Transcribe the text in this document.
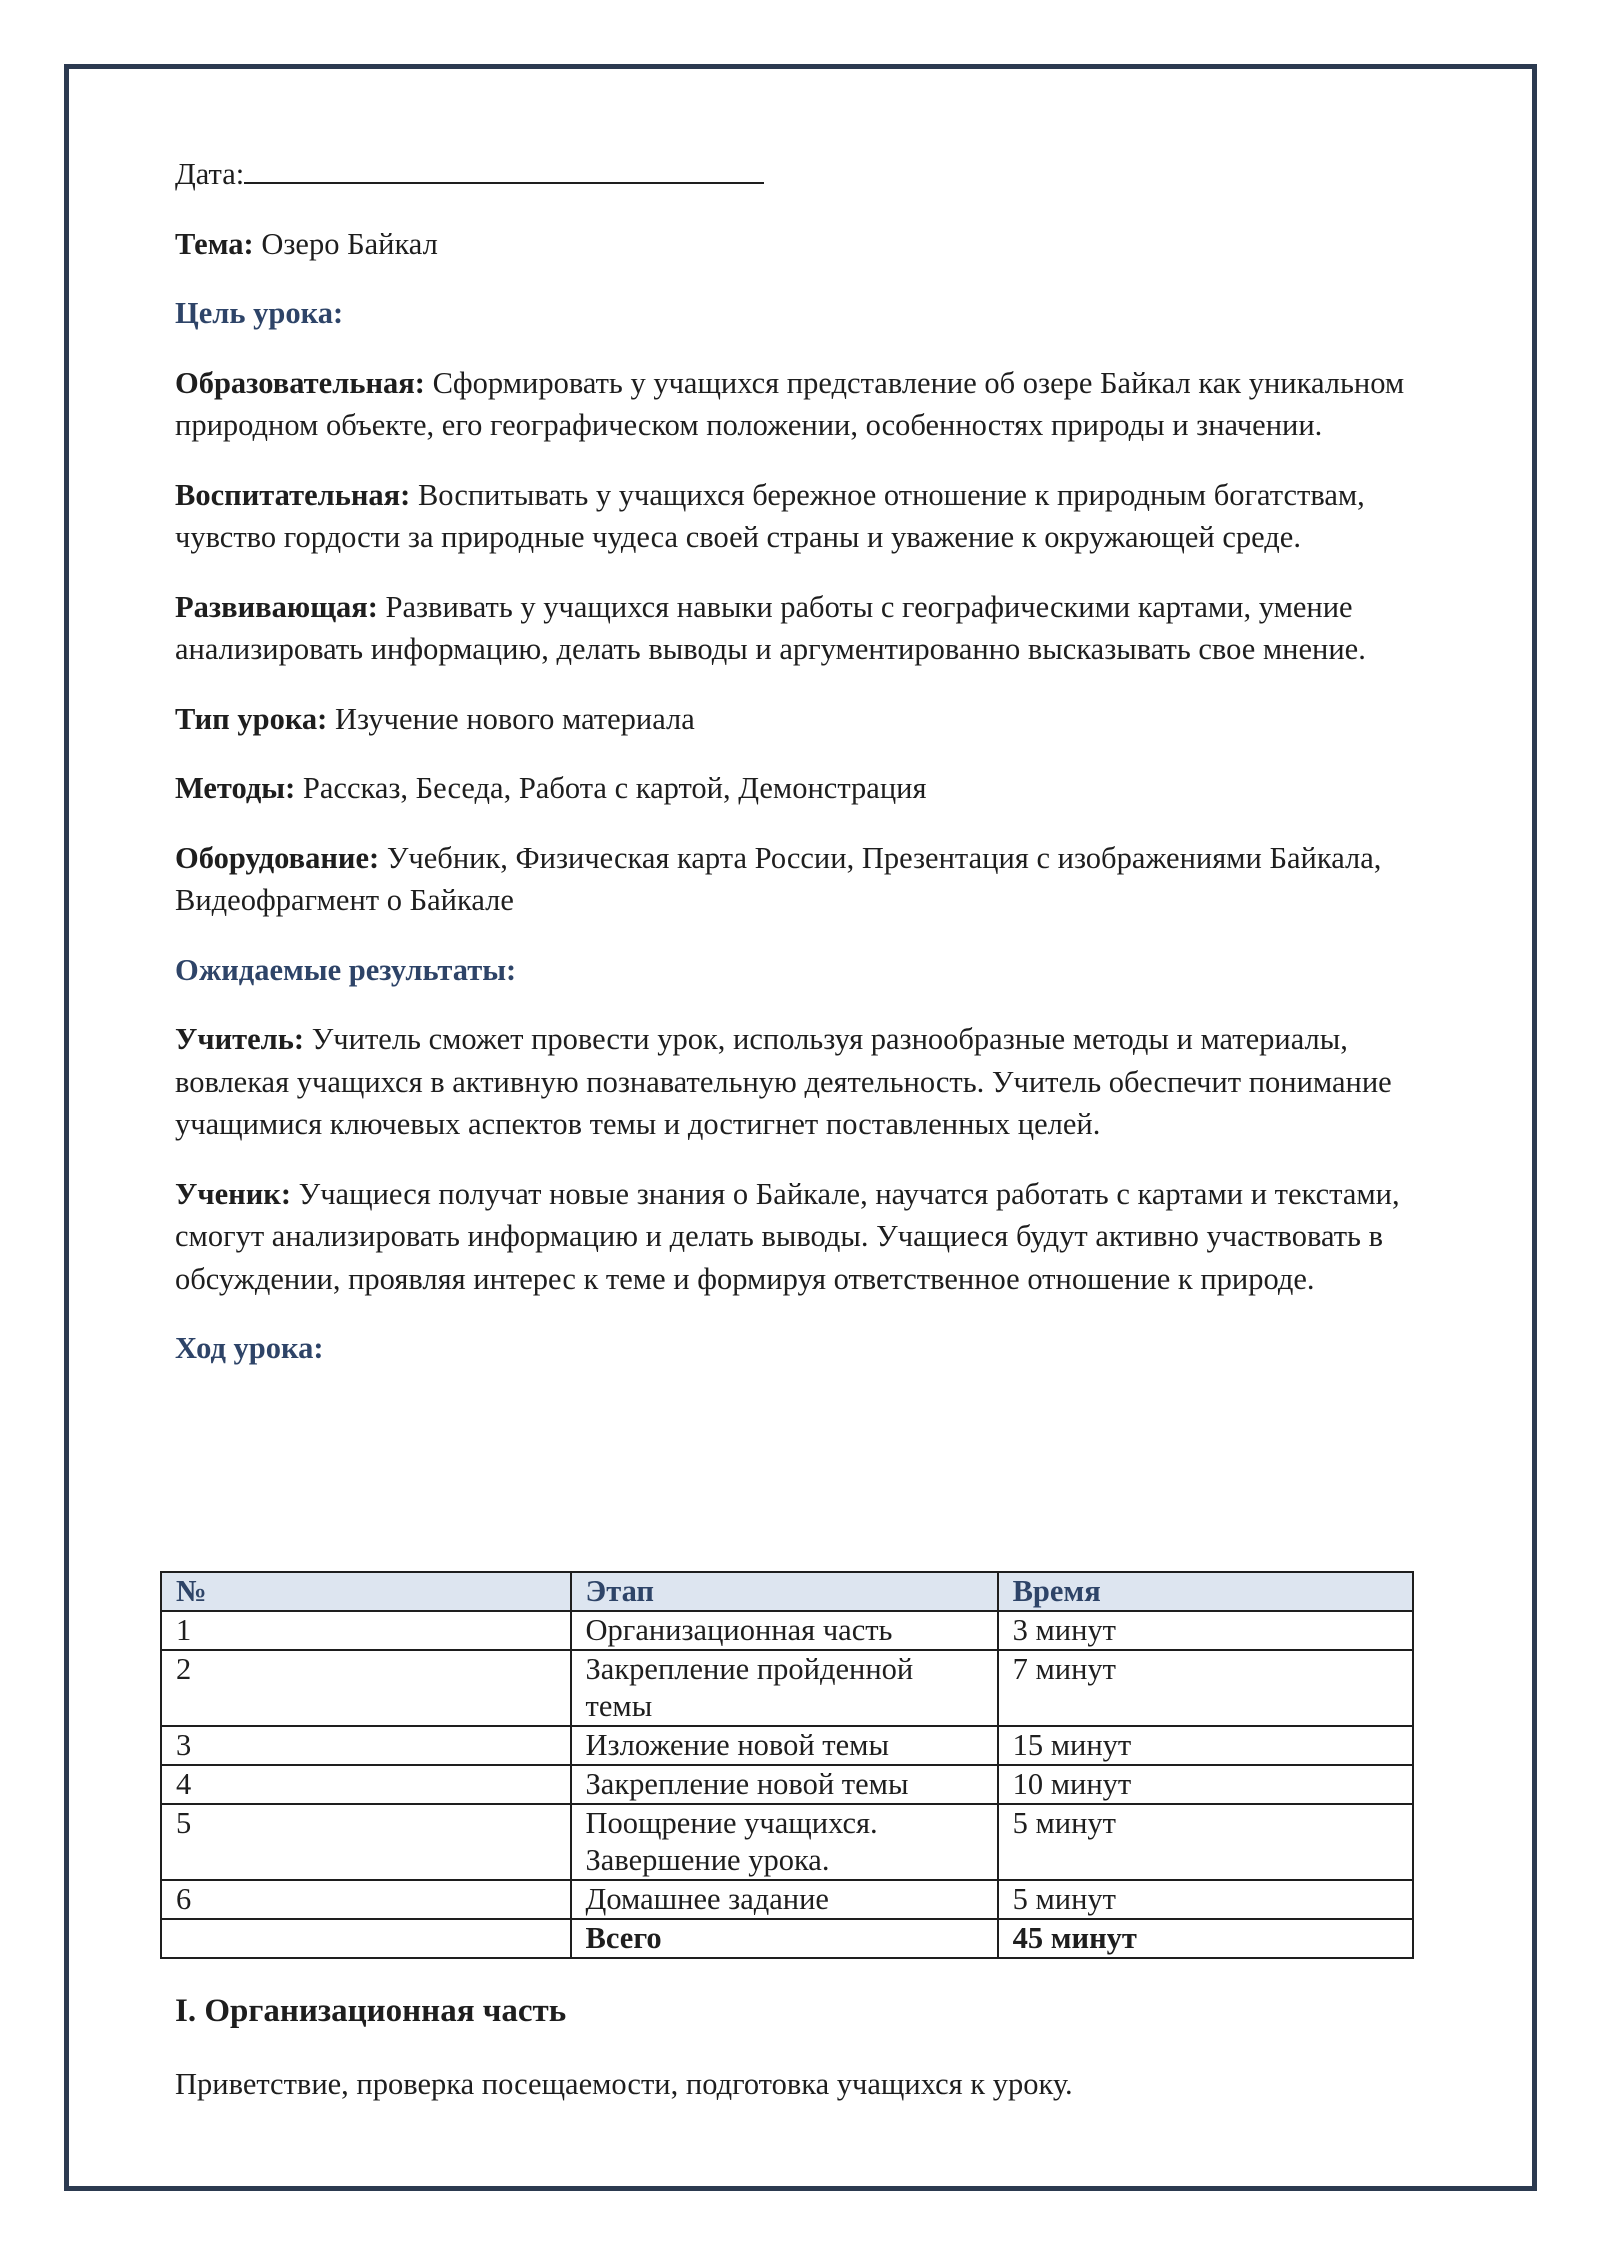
Дата:

Тема: Озеро Байкал

Цель урока:

Образовательная: Сформировать у учащихся представление об озере Байкал как уникальном природном объекте, его географическом положении, особенностях природы и значении.

Воспитательная: Воспитывать у учащихся бережное отношение к природным богатствам, чувство гордости за природные чудеса своей страны и уважение к окружающей среде.

Развивающая: Развивать у учащихся навыки работы с географическими картами, умение анализировать информацию, делать выводы и аргументированно высказывать свое мнение.

Тип урока: Изучение нового материала

Методы: Рассказ, Беседа, Работа с картой, Демонстрация

Оборудование: Учебник, Физическая карта России, Презентация с изображениями Байкала, Видеофрагмент о Байкале

Ожидаемые результаты:

Учитель: Учитель сможет провести урок, используя разнообразные методы и материалы, вовлекая учащихся в активную познавательную деятельность. Учитель обеспечит понимание учащимися ключевых аспектов темы и достигнет поставленных целей.

Ученик: Учащиеся получат новые знания о Байкале, научатся работать с картами и текстами, смогут анализировать информацию и делать выводы. Учащиеся будут активно участвовать в обсуждении, проявляя интерес к теме и формируя ответственное отношение к природе.

Ход урока:

№	Этап	Время
1	Организационная часть	3 минут
2	Закрепление пройденной темы	7 минут
3	Изложение новой темы	15 минут
4	Закрепление новой темы	10 минут
5	Поощрение учащихся. Завершение урока.	5 минут
6	Домашнее задание	5 минут
	Всего	45 минут

I. Организационная часть

Приветствие, проверка посещаемости, подготовка учащихся к уроку.
